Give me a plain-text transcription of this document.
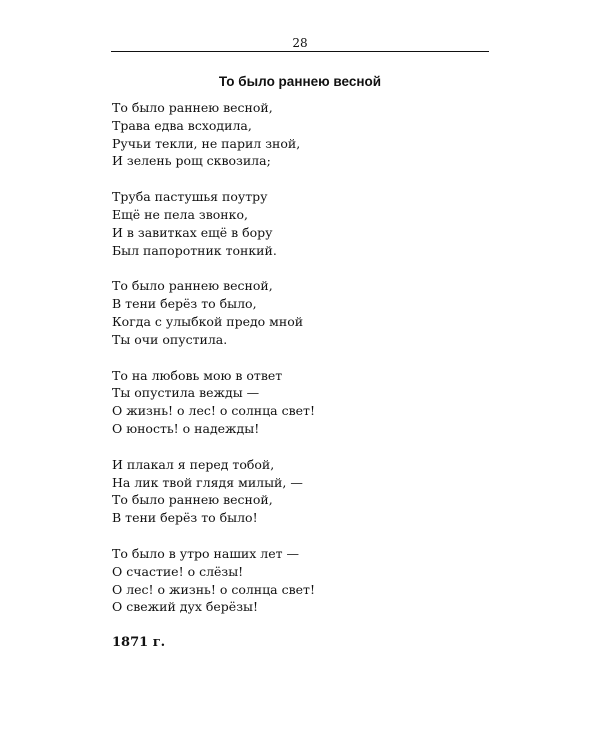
28
То было раннею весной
То было раннею весной,
Трава едва всходила,
Ручьи текли, не парил зной,
И зелень рощ сквозила;
Труба пастушья поутру
Ещё не пела звонко,
И в завитках ещё в бору
Был папоротник тонкий.
То было раннею весной,
В тени берёз то было,
Когда с улыбкой предо мной
Ты очи опустила.
То на любовь мою в ответ
Ты опустила вежды —
О жизнь! о лес! о солнца свет!
О юность! о надежды!
И плакал я перед тобой,
На лик твой глядя милый, —
То было раннею весной,
В тени берёз то было!
То было в утро наших лет —
О счастие! о слёзы!
О лес! о жизнь! о солнца свет!
О свежий дух берёзы!
1871 г.
